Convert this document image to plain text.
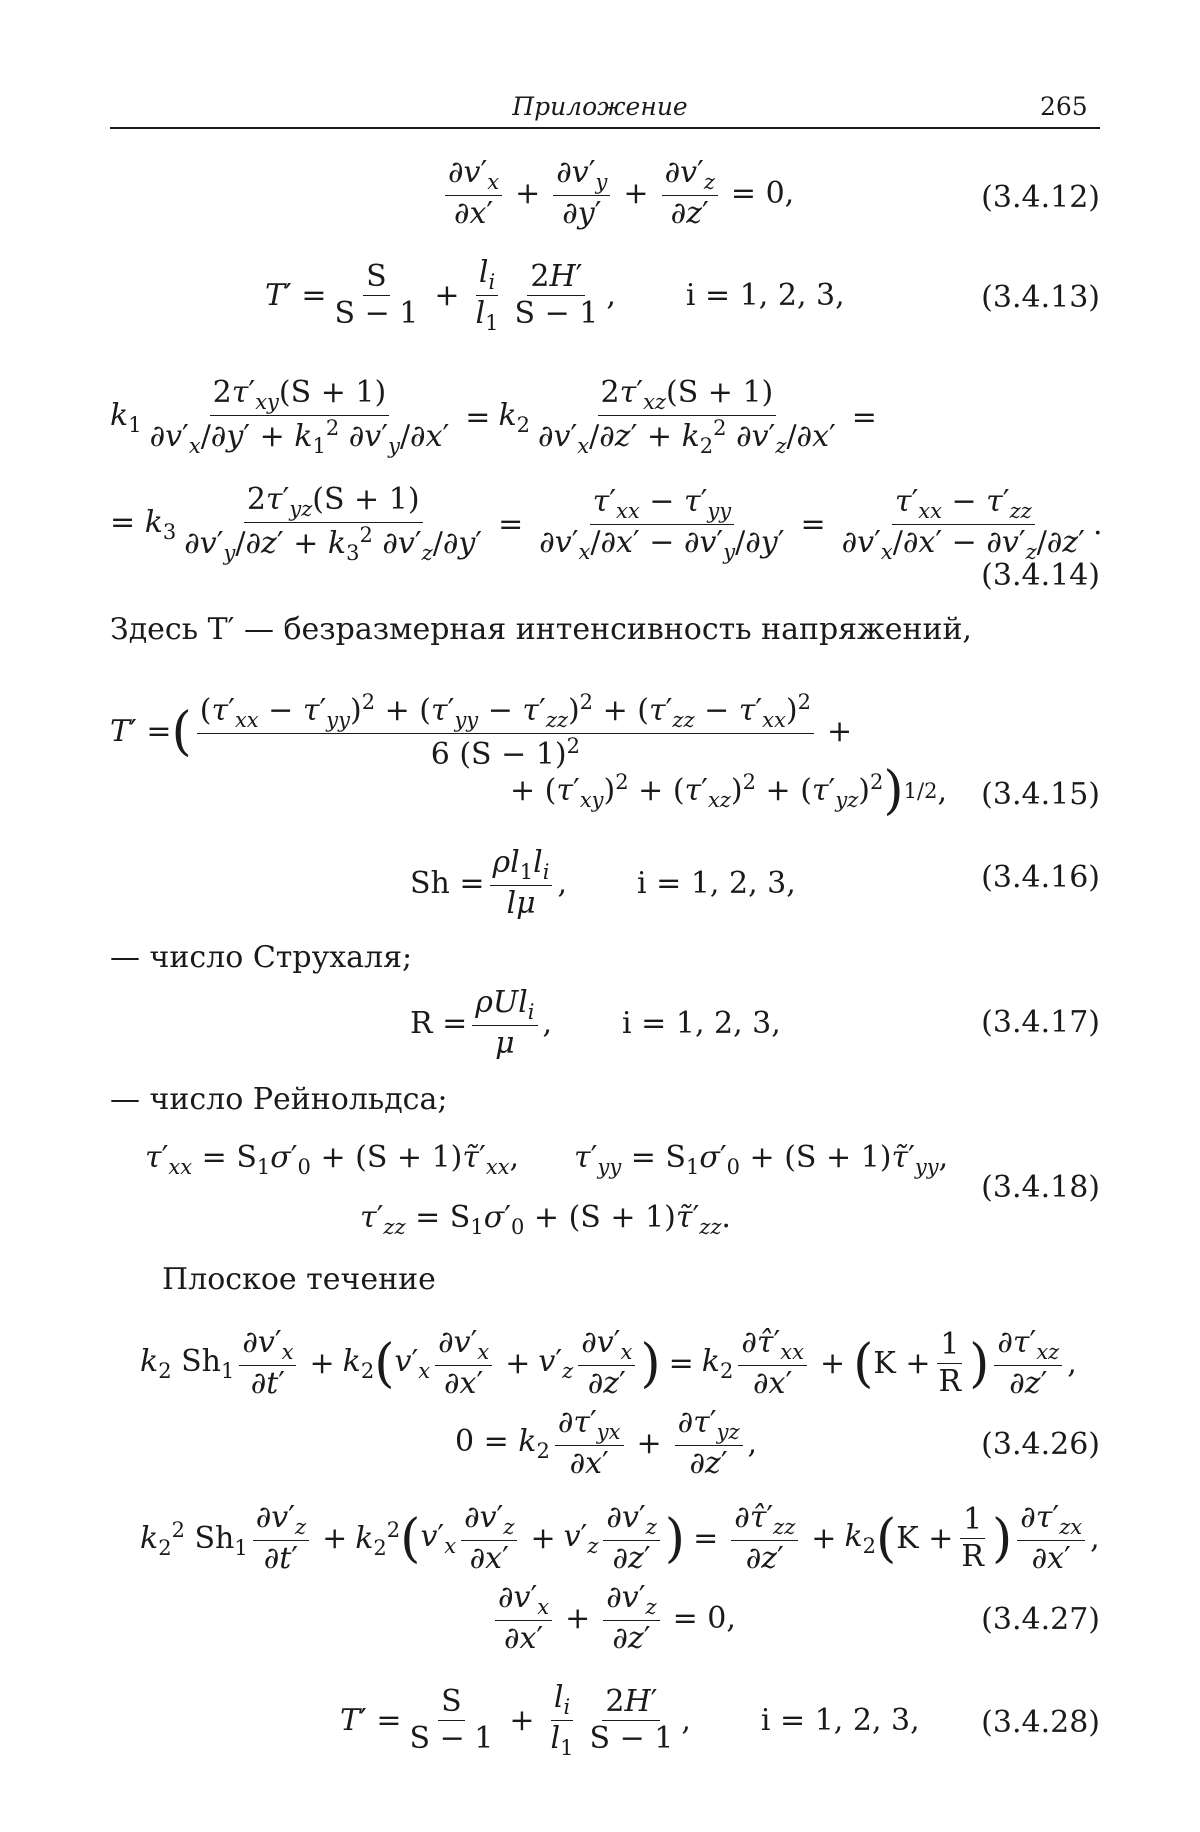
Приложение	265
$\frac{\partial v'_x}{\partial x'} + \frac{\partial v'_y}{\partial y'} + \frac{\partial v'_z}{\partial z'} = 0$,	(3.4.12)
$T' = \frac{S}{S - 1} + \frac{l_i}{l_1} \frac{2H'}{S - 1}$ , i = 1, 2, 3,	(3.4.13)
$k_1 \frac{2\tau'_{xy}(S + 1)}{\partial v'_x/\partial y' + k_1^2 \partial v'_y/\partial x'} = k_2 \frac{2\tau'_{xz}(S + 1)}{\partial v'_x/\partial z' + k_2^2 \partial v'_z/\partial x'}$ =
= $k_3 \frac{2\tau'_{yz}(S + 1)}{\partial v'_y/\partial z' + k_3^2 \partial v'_z/\partial y'} = \frac{\tau'_{xx} - \tau'_{yy}}{\partial v'_x/\partial x' - \partial v'_y/\partial y'} = \frac{\tau'_{xx} - \tau'_{zz}}{\partial v'_x/\partial x' - \partial v'_z/\partial z'}$ .
(3.4.14)
Здесь T′ — безразмерная интенсивность напряжений,
T′ = ( $\frac{(\tau'_{xx} - \tau'_{yy})^2 + (\tau'_{yy} - \tau'_{zz})^2 + (\tau'_{zz} - \tau'_{xx})^2}{6 (S - 1)^2}$ +
+ $(\tau'_{xy})^2 + (\tau'_{xz})^2 + (\tau'_{yz})^2$ ) 1/2 ,	(3.4.15)
$Sh = \frac{\rho l_1l_i}{l\mu}$ , i = 1, 2, 3,	(3.4.16)
— число Струхаля;
$R = \frac{\rho Ul_i}{\mu}$ , i = 1, 2, 3,	(3.4.17)
— число Рейнольдса;
$\tau'_{xx} = S_1\sigma'_0 + (S$ + $1)\taũ'_{xx}$, $\tau'_{yy} = S_1\sigma'_0 + (S$ + $1)\taũ'_{yy}$,
$\tau'_{zz} = S_1\sigma'_0 + (S$ + $1)\taũ'_{zz}$.
(3.4.18)
Плоское течение
$k_2$ $Sh_1 \frac{\partial v'_x}{\partial t'} + k_2$ ( $v'_x \frac{\partial v'_x}{\partial x'} + v'_z \frac{\partial v'_x}{\partial z'}$ ) = $k_2 \frac{\partial\taû'_{xx}}{\partial x'}$ + ( $K + \frac{1}{R}$ ) $\frac{\partial\tau'_{xz}}{\partial z'}$ ,
$0 = k_2 \frac{\partial\tau'_{yx}}{\partial x'} + \frac{\partial\tau'_{yz}}{\partial z'}$ ,	(3.4.26)
$k_2^2$ $Sh_1 \frac{\partial v'_z}{\partial t'} + k_2^2$ ( $v'_x \frac{\partial v'_z}{\partial x'} + v'_z \frac{\partial v'_z}{\partial z'}$ ) = $\frac{\partial\taû'_{zz}}{\partial z'} + k_2$ ( $K + \frac{1}{R}$ ) $\frac{\partial\tau'_{zx}}{\partial x'}$ ,
$\frac{\partial v'_x}{\partial x'} + \frac{\partial v'_z}{\partial z'} = 0$,	(3.4.27)
$T' = \frac{S}{S - 1} + \frac{l_i}{l_1} \frac{2H'}{S - 1}$ , i = 1, 2, 3,	(3.4.28)
